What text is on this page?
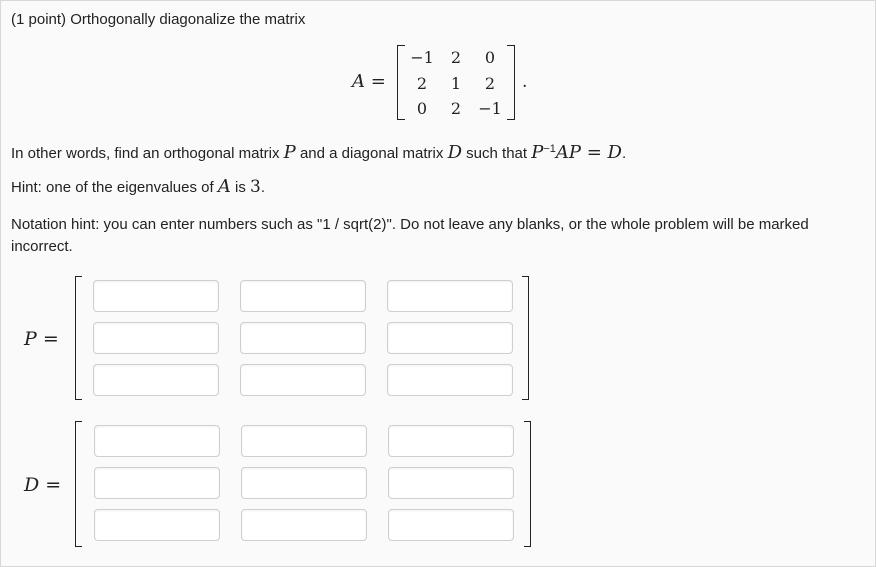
(1 point) Orthogonally diagonalize the matrix
A =
−1	2	0
2	1	2
0	2	−1
.
In other words, find an orthogonal matrix P and a diagonal matrix D such that $P^{-1}AP = D$.
Hint: one of the eigenvalues of A is 3.
Notation hint: you can enter numbers such as "1 / sqrt(2)". Do not leave any blanks, or the whole problem will be marked
incorrect.
P =
D =
